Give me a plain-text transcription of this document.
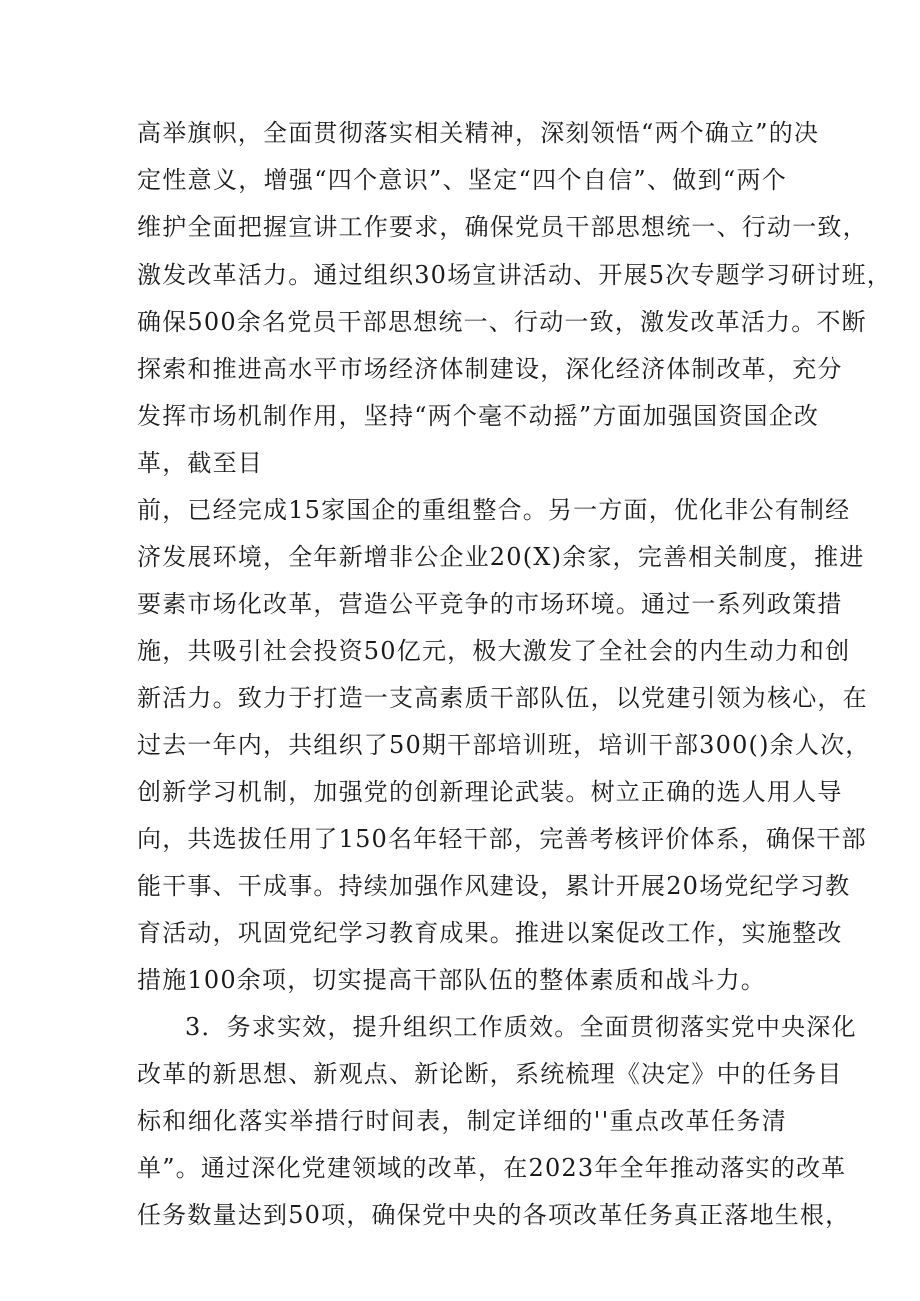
高举旗帜，全面贯彻落实相关精神，深刻领悟“两个确立”的决
定性意义，增强“四个意识”、坚定“四个自信”、做到“两个
维护全面把握宣讲工作要求，确保党员干部思想统一、行动一致，
激发改革活力。通过组织30场宣讲活动、开展5次专题学习研讨班，
确保500余名党员干部思想统一、行动一致，激发改革活力。不断
探索和推进高水平市场经济体制建设，深化经济体制改革，充分
发挥市场机制作用，坚持“两个毫不动摇”方面加强国资国企改
革，截至目
前，已经完成15家国企的重组整合。另一方面，优化非公有制经
济发展环境，全年新增非公企业20(X)余家，完善相关制度，推进
要素市场化改革，营造公平竞争的市场环境。通过一系列政策措
施，共吸引社会投资50亿元，极大激发了全社会的内生动力和创
新活力。致力于打造一支高素质干部队伍，以党建引领为核心，在
过去一年内，共组织了50期干部培训班，培训干部300()余人次，
创新学习机制，加强党的创新理论武装。树立正确的选人用人导
向，共选拔任用了150名年轻干部，完善考核评价体系，确保干部
能干事、干成事。持续加强作风建设，累计开展20场党纪学习教
育活动，巩固党纪学习教育成果。推进以案促改工作，实施整改
措施100余项，切实提高干部队伍的整体素质和战斗力。
3．务求实效，提升组织工作质效。全面贯彻落实党中央深化
改革的新思想、新观点、新论断，系统梳理《决定》中的任务目
标和细化落实举措行时间表，制定详细的''重点改革任务清
单”。通过深化党建领域的改革，在2023年全年推动落实的改革
任务数量达到50项，确保党中央的各项改革任务真正落地生根，
